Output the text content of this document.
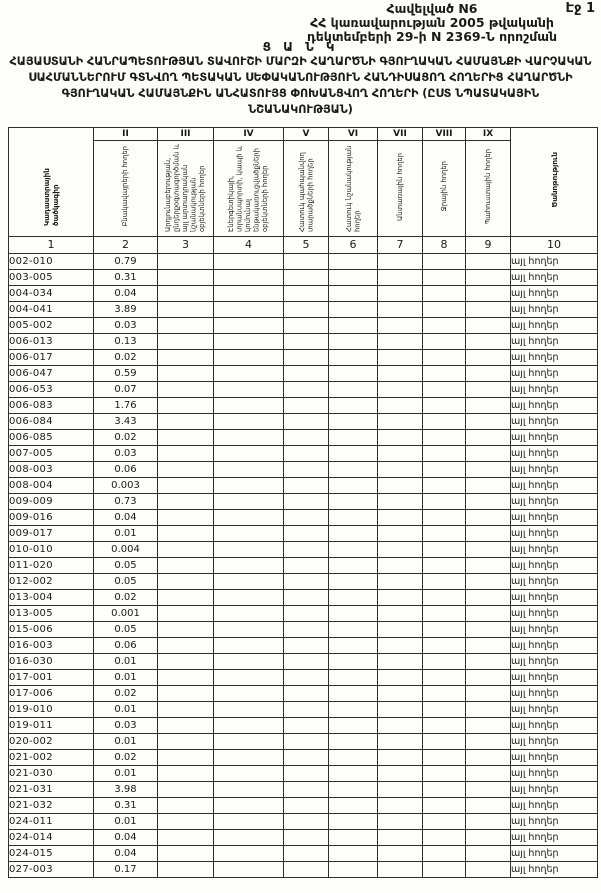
Էջ 1
Հավելված N6
ՀՀ կառավարության 2005 թվականի
դեկտեմբերի 29-ի N 2369-Ն որոշման
Ց Ա Ն Կ
ՀԱՅԱՍՏԱՆԻ ՀԱՆՐԱՊԵՏՈՒԹՅԱՆ ՏԱՎՈՒՇԻ ՄԱՐԶԻ ՀԱՂԱՐԾՆԻ ԳՅՈՒՂԱԿԱՆ ՀԱՄԱՅՆՔԻ ՎԱՐՉԱԿԱՆ ՍԱՀՄԱՆՆԵՐՈՒՄ ԳՏՆՎՈՂ ՊԵՏԱԿԱՆ ՍԵՓԱԿԱՆՈՒԹՅՈՒՆ ՀԱՆԴԻՍԱՑՈՂ ՀՈՂԵՐԻՑ ՀԱՂԱՐԾՆԻ ԳՅՈՒՂԱԿԱՆ ՀԱՄԱՅՆՔԻՆ ԱՆՀԱՏՈՒՅՑ ՓՈԽԱՆՑՎՈՂ ՀՈՂԵՐԻ (ԸՍՏ ՆՊԱՏԱԿԱՅԻՆ ՆՇԱՆԱԿՈՒԹՅԱՆ)
Կադաստրային ծածկագիր	II	III	IV	V	VI	VII	VIII	IX	Ծանոթություն
	Բնակավայրերի հողեր	Արդյունաբերության, ընդերքօգտագործման և այլ արտադրական նշանակության օբյեկտների հողեր	Էներգետիկայի, տրանսպորտի, կապի և կոմունալ ենթակառուցվածքների օբյեկտների հողեր	Հատուկ պահպանվող տարածքների հողեր	Հատուկ նշանակության հողեր	Անտառային հողեր	Ջրային հողեր	Պահուստային հողեր	
1	2	3	4	5	6	7	8	9	10
002-010	0.79								այլ հողեր
003-005	0.31								այլ հողեր
004-034	0.04								այլ հողեր
004-041	3.89								այլ հողեր
005-002	0.03								այլ հողեր
006-013	0.13								այլ հողեր
006-017	0.02								այլ հողեր
006-047	0.59								այլ հողեր
006-053	0.07								այլ հողեր
006-083	1.76								այլ հողեր
006-084	3.43								այլ հողեր
006-085	0.02								այլ հողեր
007-005	0.03								այլ հողեր
008-003	0.06								այլ հողեր
008-004	0.003								այլ հողեր
009-009	0.73								այլ հողեր
009-016	0.04								այլ հողեր
009-017	0.01								այլ հողեր
010-010	0.004								այլ հողեր
011-020	0.05								այլ հողեր
012-002	0.05								այլ հողեր
013-004	0.02								այլ հողեր
013-005	0.001								այլ հողեր
015-006	0.05								այլ հողեր
016-003	0.06								այլ հողեր
016-030	0.01								այլ հողեր
017-001	0.01								այլ հողեր
017-006	0.02								այլ հողեր
019-010	0.01								այլ հողեր
019-011	0.03								այլ հողեր
020-002	0.01								այլ հողեր
021-002	0.02								այլ հողեր
021-030	0.01								այլ հողեր
021-031	3.98								այլ հողեր
021-032	0.31								այլ հողեր
024-011	0.01								այլ հողեր
024-014	0.04								այլ հողեր
024-015	0.04								այլ հողեր
027-003	0.17								այլ հողեր
